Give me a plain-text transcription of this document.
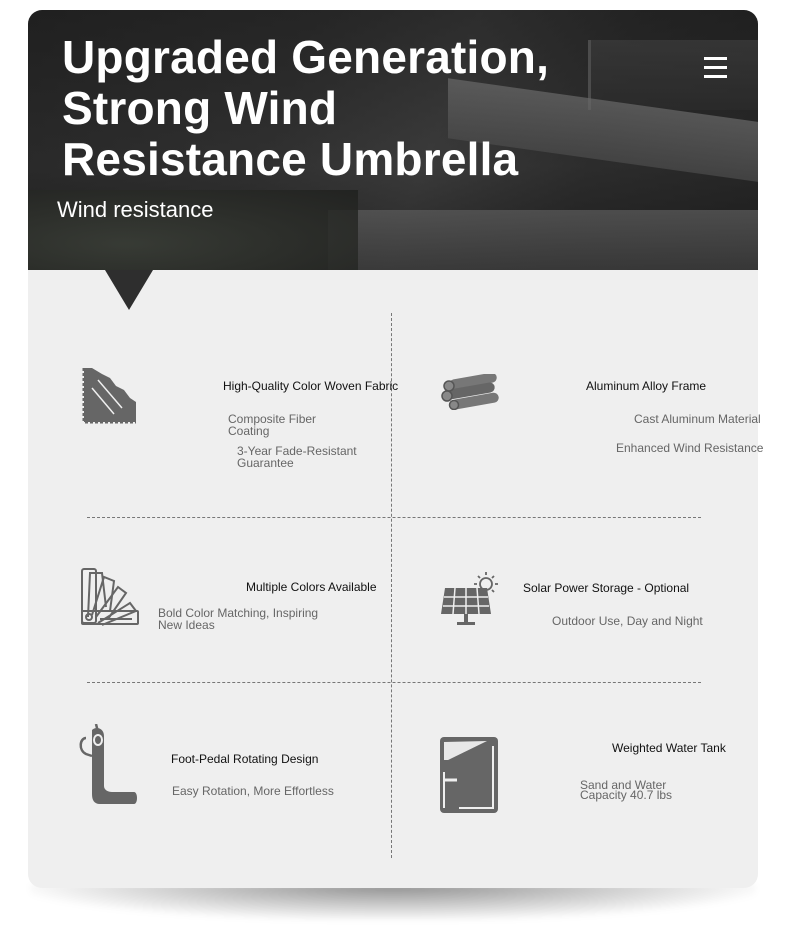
Upgraded Generation, Strong Wind Resistance Umbrella
Wind resistance
High-Quality Color Woven Fabric
Composite Fiber Coating
3-Year Fade-Resistant Guarantee
Aluminum Alloy Frame
Cast Aluminum Material
Enhanced Wind Resistance
Multiple Colors Available
Bold Color Matching, Inspiring New Ideas
Solar Power Storage - Optional
Outdoor Use, Day and Night
Foot-Pedal Rotating Design
Easy Rotation, More Effortless
Weighted Water Tank
Sand and Water Capacity 40.7 lbs
